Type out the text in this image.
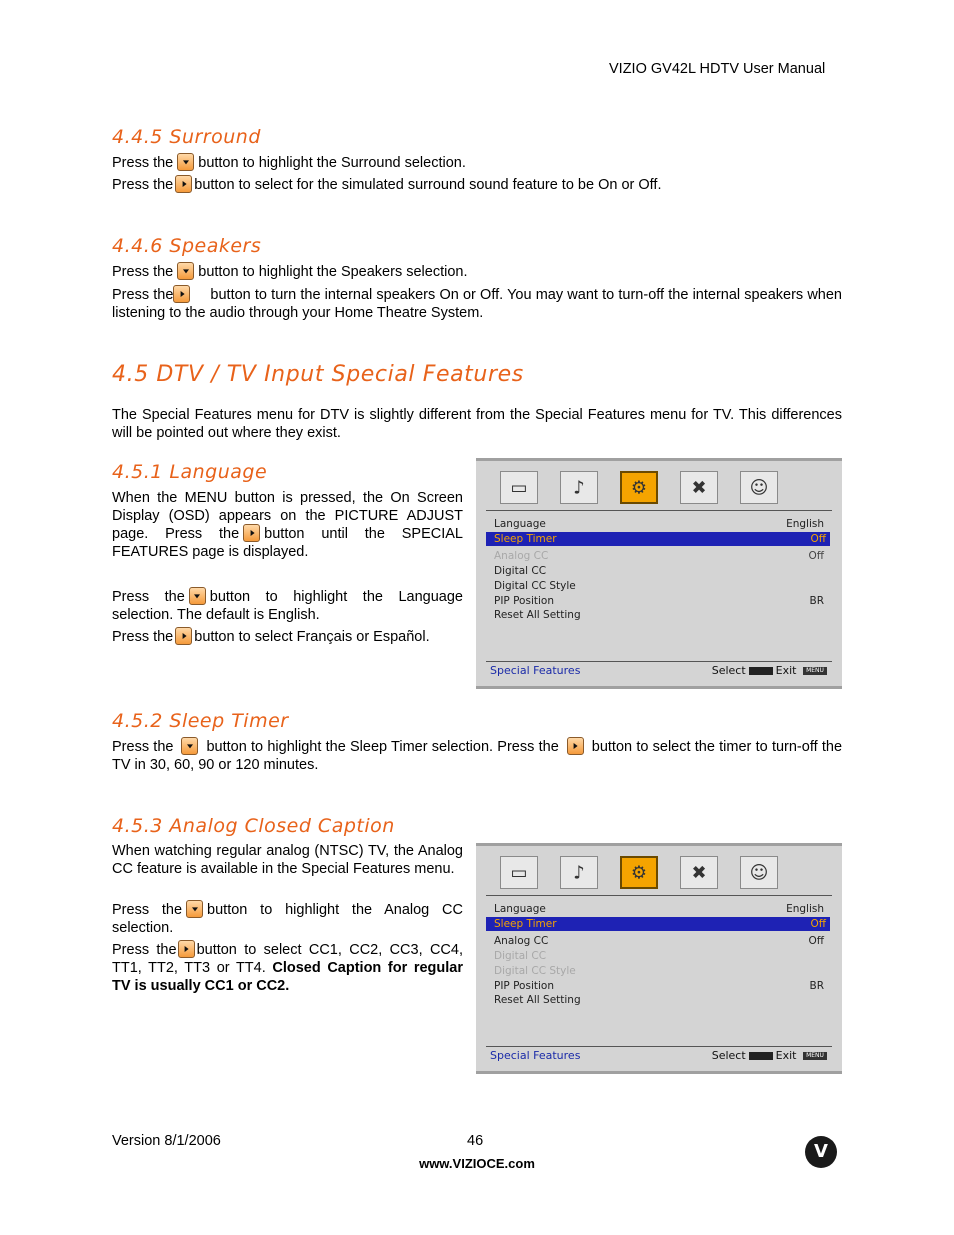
VIZIO GV42L HDTV User Manual
4.4.5 Surround
Press the button to highlight the Surround selection.
Press the button to select for the simulated surround sound feature to be On or Off.
4.4.6 Speakers
Press the button to highlight the Speakers selection.
Press the	button to turn the internal speakers On or Off. You may want to turn-off the internal speakers when listening to the audio through your Home Theatre System.
4.5 DTV / TV Input Special Features
The Special Features menu for DTV is slightly different from the Special Features menu for TV. This differences will be pointed out where they exist.
4.5.1 Language
When the MENU button is pressed, the On Screen Display (OSD) appears on the PICTURE ADJUST page. Press the button until the SPECIAL FEATURES page is displayed.
Press the button to highlight the Language selection. The default is English.
Press the button to select Français or Español.
▭	♪	⚙ ✖ ☺
Language	English
Sleep Timer	Off
Analog CC	Off
Digital CC
Digital CC Style
PIP Position	BR
Reset All Setting
Special Features	Select	Exit MENU
4.5.2 Sleep Timer
Press the button to highlight the Sleep Timer selection. Press the button to select the timer to turn-off the TV in 30, 60, 90 or 120 minutes.
4.5.3 Analog Closed Caption
When watching regular analog (NTSC) TV, the Analog CC feature is available in the Special Features menu.
Press the button to highlight the Analog CC selection.
Press the button to select CC1, CC2, CC3, CC4, TT1, TT2, TT3 or TT4. Closed Caption for regular TV is usually CC1 or CC2.
▭	♪	⚙ ✖ ☺
Language	English
Sleep Timer	Off
Analog CC	Off
Digital CC
Digital CC Style
PIP Position	BR
Reset All Setting
Special Features	Select	Exit MENU
Version 8/1/2006	46
www.VIZIOCE.com
V
